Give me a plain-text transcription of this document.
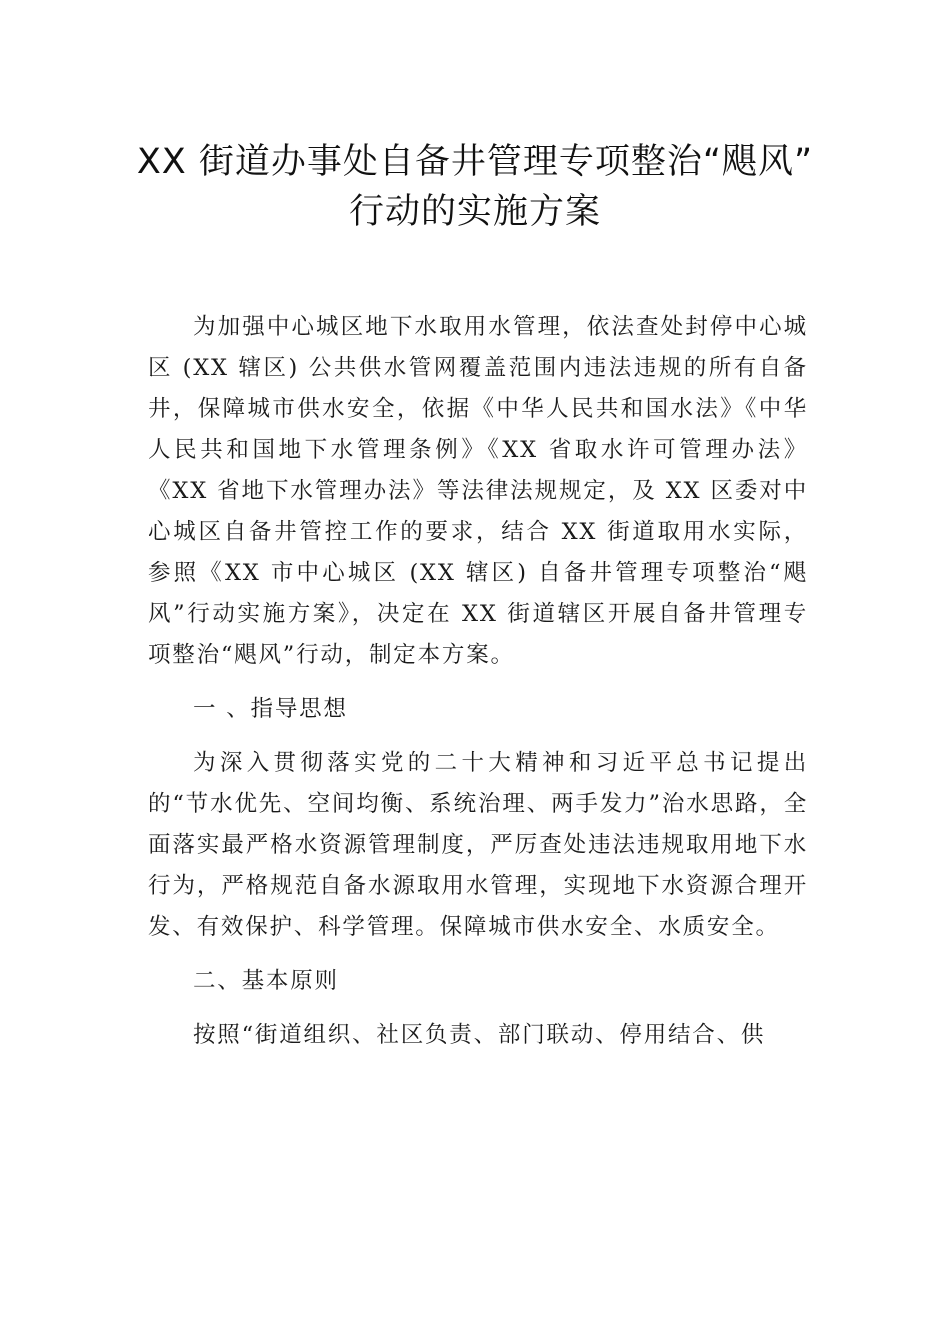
XX 街道办事处自备井管理专项整治“飓风”
行动的实施方案

为加强中心城区地下水取用水管理，依法查处封停中心城区 (XX 辖区) 公共供水管网覆盖范围内违法违规的所有自备井，保障城市供水安全，依据《中华人民共和国水法》《中华人民共和国地下水管理条例》《XX 省取水许可管理办法》《XX 省地下水管理办法》等法律法规规定，及 XX 区委对中心城区自备井管控工作的要求，结合 XX 街道取用水实际，参照《XX 市中心城区 (XX 辖区) 自备井管理专项整治“飓风”行动实施方案》，决定在 XX 街道辖区开展自备井管理专项整治“飓风”行动，制定本方案。

一 、指导思想

为深入贯彻落实党的二十大精神和习近平总书记提出的“节水优先、空间均衡、系统治理、两手发力”治水思路，全面落实最严格水资源管理制度，严厉查处违法违规取用地下水行为，严格规范自备水源取用水管理，实现地下水资源合理开发、有效保护、科学管理。保障城市供水安全、水质安全。

二、基本原则

按照“街道组织、社区负责、部门联动、停用结合、供
